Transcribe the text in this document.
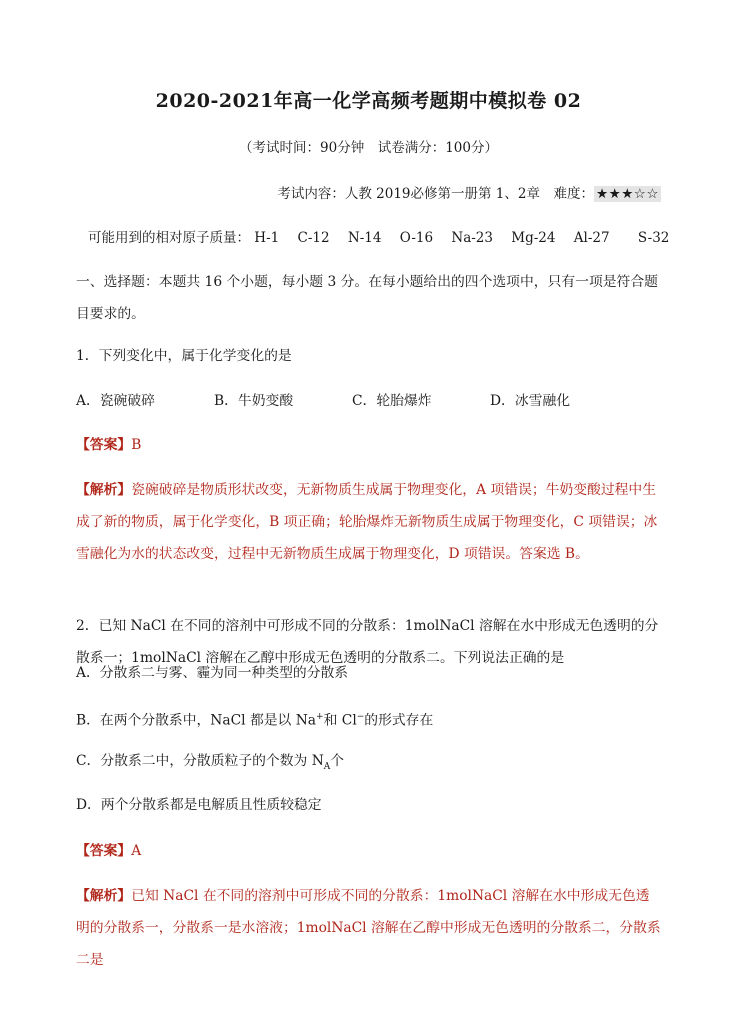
2020-2021年高一化学高频考题期中模拟卷 02
（考试时间：90分钟　试卷满分：100分）
考试内容：人教 2019必修第一册第 1、2章　难度： ★★★☆☆
可能用到的相对原子质量： H-1 C-12 N-14 O-16 Na-23 Mg-24 Al-27 S-32
一、选择题：本题共 16 个小题，每小题 3 分。在每小题给出的四个选项中，只有一项是符合题目要求的。
1．下列变化中，属于化学变化的是
A．瓷碗破碎	B．牛奶变酸	C．轮胎爆炸	D．冰雪融化
【答案】B
【解析】瓷碗破碎是物质形状改变，无新物质生成属于物理变化，A 项错误；牛奶变酸过程中生成了新的物质，属于化学变化，B 项正确；轮胎爆炸无新物质生成属于物理变化，C 项错误；冰雪融化为水的状态改变，过程中无新物质生成属于物理变化，D 项错误。答案选 B。
2．已知 NaCl 在不同的溶剂中可形成不同的分散系：1molNaCl 溶解在水中形成无色透明的分散系一；1molNaCl 溶解在乙醇中形成无色透明的分散系二。下列说法正确的是
A．分散系二与雾、霾为同一种类型的分散系
B．在两个分散系中，NaCl 都是以 Na+和 Cl−的形式存在
C．分散系二中，分散质粒子的个数为 $N_A$个
D．两个分散系都是电解质且性质较稳定
【答案】A
【解析】已知 NaCl 在不同的溶剂中可形成不同的分散系：1molNaCl 溶解在水中形成无色透明的分散系一，分散系一是水溶液；1molNaCl 溶解在乙醇中形成无色透明的分散系二，分散系二是
